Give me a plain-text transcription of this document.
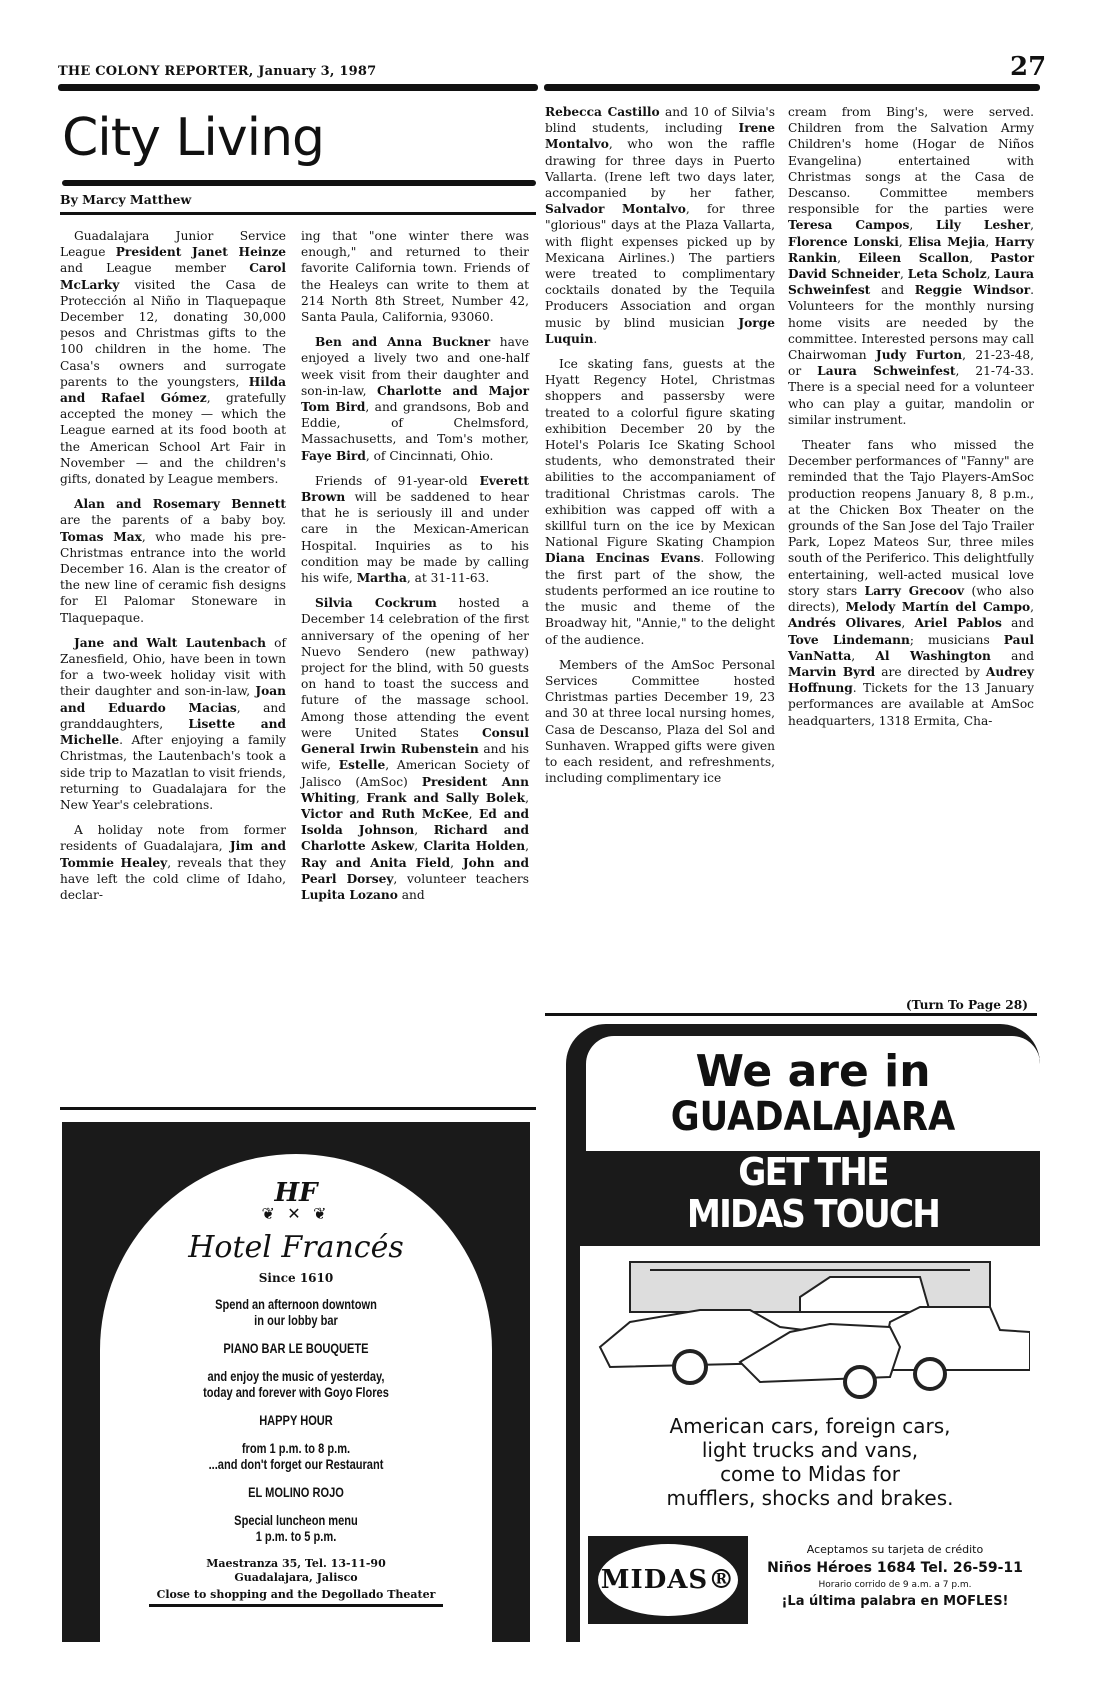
THE COLONY REPORTER, January 3, 1987	27
City Living
By Marcy Matthew

Guadalajara Junior Service League President Janet Heinze and League member Carol McLarky visited the Casa de Protección al Niño in Tlaquepaque December 12, donating 30,000 pesos and Christmas gifts to the 100 children in the home. The Casa's owners and surrogate parents to the youngsters, Hilda and Rafael Gómez, gratefully accepted the money — which the League earned at its food booth at the American School Art Fair in November — and the children's gifts, donated by League members.

Alan and Rosemary Bennett are the parents of a baby boy. Tomas Max, who made his pre-Christmas entrance into the world December 16. Alan is the creator of the new line of ceramic fish designs for El Palomar Stoneware in Tlaquepaque.

Jane and Walt Lautenbach of Zanesfield, Ohio, have been in town for a two-week holiday visit with their daughter and son-in-law, Joan and Eduardo Macias, and granddaughters, Lisette and Michelle. After enjoying a family Christmas, the Lautenbach's took a side trip to Mazatlan to visit friends, returning to Guadalajara for the New Year's celebrations.

A holiday note from former residents of Guadalajara, Jim and Tommie Healey, reveals that they have left the cold clime of Idaho, declar-

ing that "one winter there was enough," and returned to their favorite California town. Friends of the Healeys can write to them at 214 North 8th Street, Number 42, Santa Paula, California, 93060.

Ben and Anna Buckner have enjoyed a lively two and one-half week visit from their daughter and son-in-law, Charlotte and Major Tom Bird, and grandsons, Bob and Eddie, of Chelmsford, Massachusetts, and Tom's mother, Faye Bird, of Cincinnati, Ohio.

Friends of 91-year-old Everett Brown will be saddened to hear that he is seriously ill and under care in the Mexican-American Hospital. Inquiries as to his condition may be made by calling his wife, Martha, at 31-11-63.

Silvia Cockrum hosted a December 14 celebration of the first anniversary of the opening of her Nuevo Sendero (new pathway) project for the blind, with 50 guests on hand to toast the success and future of the massage school. Among those attending the event were United States Consul General Irwin Rubenstein and his wife, Estelle, American Society of Jalisco (AmSoc) President Ann Whiting, Frank and Sally Bolek, Victor and Ruth McKee, Ed and Isolda Johnson, Richard and Charlotte Askew, Clarita Holden, Ray and Anita Field, John and Pearl Dorsey, volunteer teachers Lupita Lozano and

Rebecca Castillo and 10 of Silvia's blind students, including Irene Montalvo, who won the raffle drawing for three days in Puerto Vallarta. (Irene left two days later, accompanied by her father, Salvador Montalvo, for three "glorious" days at the Plaza Vallarta, with flight expenses picked up by Mexicana Airlines.) The partiers were treated to complimentary cocktails donated by the Tequila Producers Association and organ music by blind musician Jorge Luquin.

Ice skating fans, guests at the Hyatt Regency Hotel, Christmas shoppers and passersby were treated to a colorful figure skating exhibition December 20 by the Hotel's Polaris Ice Skating School students, who demonstrated their abilities to the accompaniament of traditional Christmas carols. The exhibition was capped off with a skillful turn on the ice by Mexican National Figure Skating Champion Diana Encinas Evans. Following the first part of the show, the students performed an ice routine to the music and theme of the Broadway hit, "Annie," to the delight of the audience.

Members of the AmSoc Personal Services Committee hosted Christmas parties December 19, 23 and 30 at three local nursing homes, Casa de Descanso, Plaza del Sol and Sunhaven. Wrapped gifts were given to each resident, and refreshments, including complimentary ice

cream from Bing's, were served. Children from the Salvation Army Children's home (Hogar de Niños Evangelina) entertained with Christmas songs at the Casa de Descanso. Committee members responsible for the parties were Teresa Campos, Lily Lesher, Florence Lonski, Elisa Mejia, Harry Rankin, Eileen Scallon, Pastor David Schneider, Leta Scholz, Laura Schweinfest and Reggie Windsor. Volunteers for the monthly nursing home visits are needed by the committee. Interested persons may call Chairwoman Judy Furton, 21-23-48, or Laura Schweinfest, 21-74-33. There is a special need for a volunteer who can play a guitar, mandolin or similar instrument.

Theater fans who missed the December performances of "Fanny" are reminded that the Tajo Players-AmSoc production reopens January 8, 8 p.m., at the Chicken Box Theater on the grounds of the San Jose del Tajo Trailer Park, Lopez Mateos Sur, three miles south of the Periferico. This delightfully entertaining, well-acted musical love story stars Larry Grecoov (who also directs), Melody Martín del Campo, Andrés Olivares, Ariel Pablos and Tove Lindemann; musicians Paul VanNatta, Al Washington and Marvin Byrd are directed by Audrey Hoffnung. Tickets for the 13 January performances are available at AmSoc headquarters, 1318 Ermita, Cha-

(Turn To Page 28)
HF
❦ ✕ ❦
Hotel Francés
Since 1610
Spend an afternoon downtown
in our lobby bar
PIANO BAR LE BOUQUETE
and enjoy the music of yesterday,
today and forever with Goyo Flores
HAPPY HOUR
from 1 p.m. to 8 p.m.
...and don't forget our Restaurant
EL MOLINO ROJO
Special luncheon menu
1 p.m. to 5 p.m.
Maestranza 35, Tel. 13-11-90
Guadalajara, Jalisco
Close to shopping and the Degollado Theater
We are in
GUADALAJARA
GET THE
MIDAS TOUCH
American cars, foreign cars,
light trucks and vans,
come to Midas for
mufflers, shocks and brakes.
MIDAS®
Aceptamos su tarjeta de crédito
Niños Héroes 1684 Tel. 26-59-11
Horario corrido de 9 a.m. a 7 p.m.
¡La última palabra en MOFLES!
